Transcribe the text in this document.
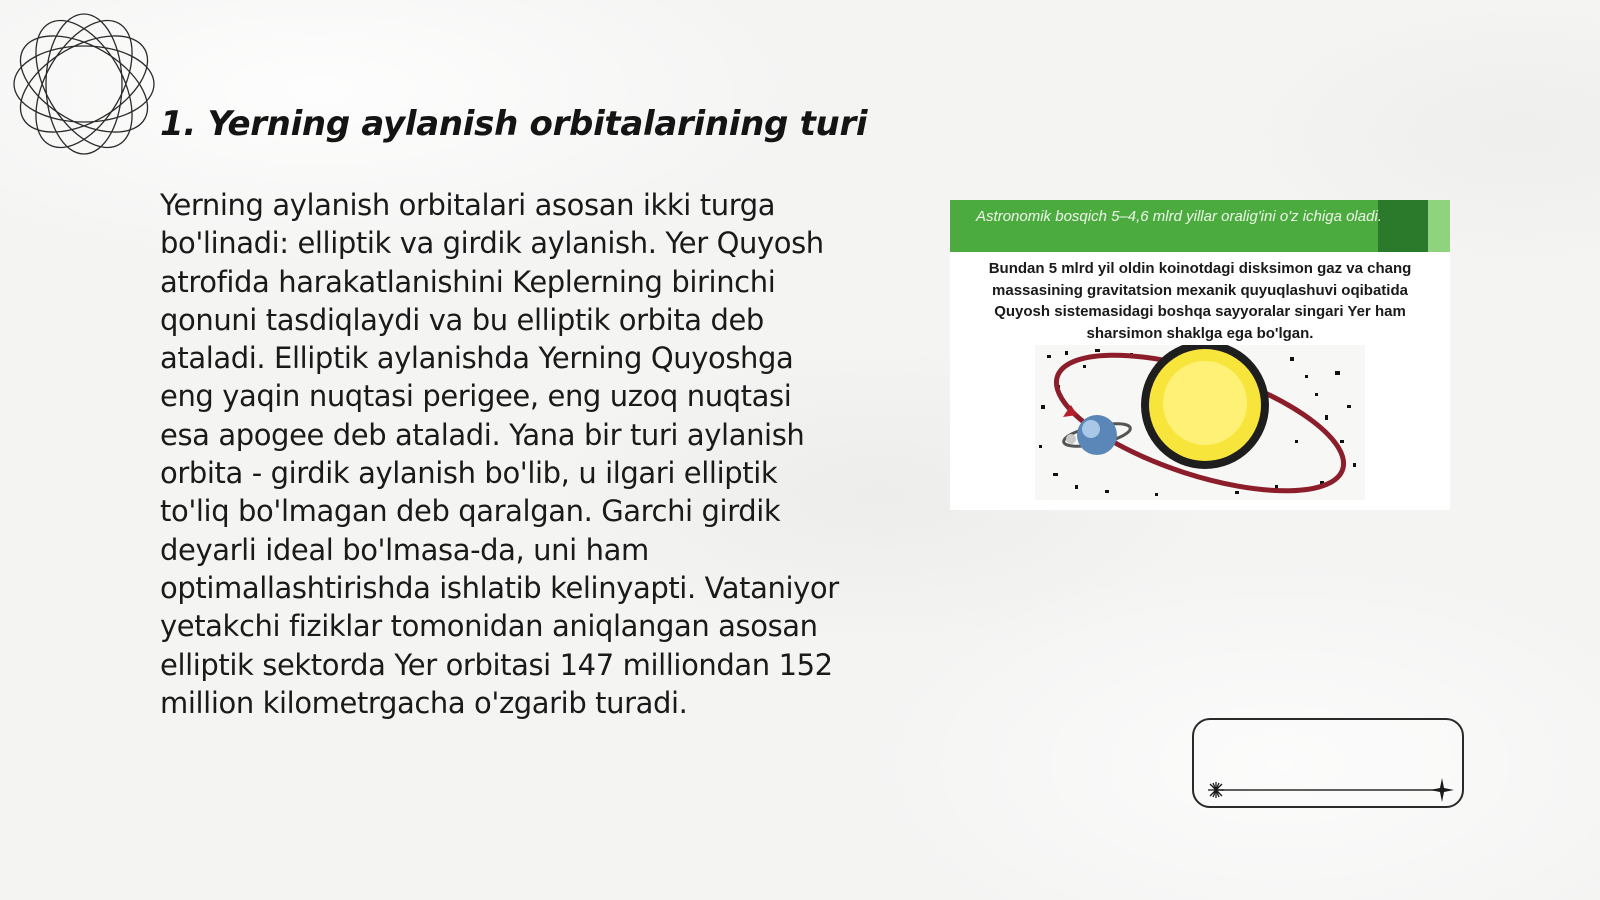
1. Yerning aylanish orbitalarining turi

Yerning aylanish orbitalari asosan ikki turga bo'linadi: elliptik va girdik aylanish. Yer Quyosh atrofida harakatlanishini Keplerning birinchi qonuni tasdiqlaydi va bu elliptik orbita deb ataladi. Elliptik aylanishda Yerning Quyoshga eng yaqin nuqtasi perigee, eng uzoq nuqtasi esa apogee deb ataladi. Yana bir turi aylanish orbita - girdik aylanish bo'lib, u ilgari elliptik to'liq bo'lmagan deb qaralgan. Garchi girdik deyarli ideal bo'lmasa-da, uni ham optimallashtirishda ishlatib kelinyapti. Vataniyor yetakchi fiziklar tomonidan aniqlangan asosan elliptik sektorda Yer orbitasi 147 milliondan 152 million kilometrgacha o'zgarib turadi.

Astronomik bosqich 5–4,6 mlrd yillar oralig'ini o'z ichiga oladi.
Bundan 5 mlrd yil oldin koinotdagi disksimon gaz va chang massasining gravitatsion mexanik quyuqlashuvi oqibatida Quyosh sistemasidagi boshqa sayyoralar singari Yer ham sharsimon shaklga ega bo'lgan.
